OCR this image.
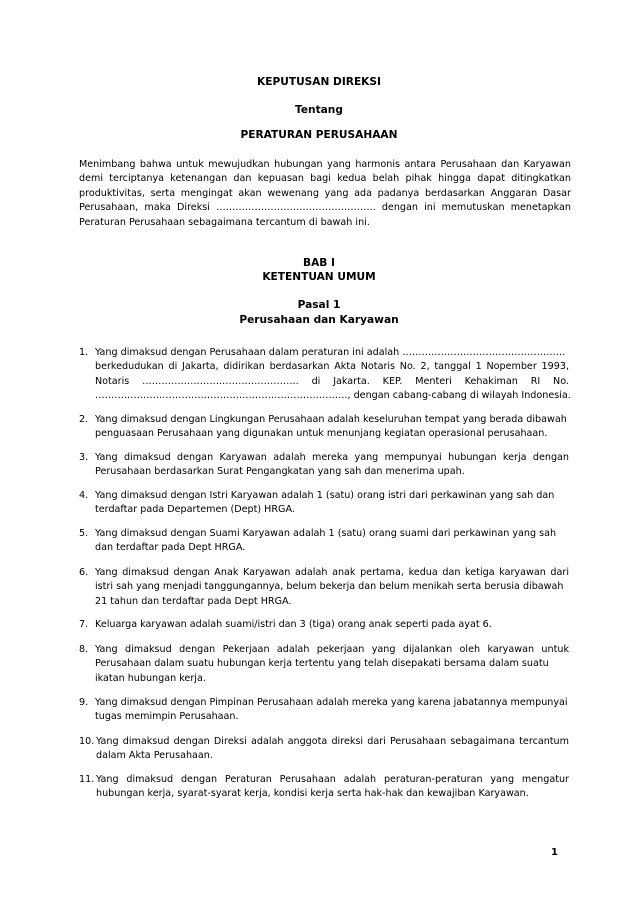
KEPUTUSAN DIREKSI
Tentang
PERATURAN PERUSAHAAN
Menimbang bahwa untuk mewujudkan hubungan yang harmonis antara Perusahaan dan Karyawan
demi terciptanya ketenangan dan kepuasan bagi kedua belah pihak hingga dapat ditingkatkan
produktivitas, serta mengingat akan wewenang yang ada padanya berdasarkan Anggaran Dasar
Perusahaan, maka Direksi ………………………………………….. dengan ini memutuskan menetapkan
Peraturan Perusahaan sebagaimana tercantum di bawah ini.
BAB I
KETENTUAN UMUM
Pasal 1
Perusahaan dan Karyawan
1. Yang dimaksud dengan Perusahaan dalam peraturan ini adalah ……………………………………………
berkedudukan di Jakarta, didirikan berdasarkan Akta Notaris No. 2, tanggal 1 Nopember 1993,
Notaris …………………………………………. di Jakarta. KEP. Menteri Kehakiman RI No.
……………………………………………………………………., dengan cabang-cabang di wilayah Indonesia.
2. Yang dimaksud dengan Lingkungan Perusahaan adalah keseluruhan tempat yang berada dibawah
penguasaan Perusahaan yang digunakan untuk menunjang kegiatan operasional perusahaan.
3. Yang dimaksud dengan Karyawan adalah mereka yang mempunyai hubungan kerja dengan
Perusahaan berdasarkan Surat Pengangkatan yang sah dan menerima upah.
4. Yang dimaksud dengan Istri Karyawan adalah 1 (satu) orang istri dari perkawinan yang sah dan
terdaftar pada Departemen (Dept) HRGA.
5. Yang dimaksud dengan Suami Karyawan adalah 1 (satu) orang suami dari perkawinan yang sah
dan terdaftar pada Dept HRGA.
6. Yang dimaksud dengan Anak Karyawan adalah anak pertama, kedua dan ketiga karyawan dari
istri sah yang menjadi tanggungannya, belum bekerja dan belum menikah serta berusia dibawah
21 tahun dan terdaftar pada Dept HRGA.
7. Keluarga karyawan adalah suami/istri dan 3 (tiga) orang anak seperti pada ayat 6.
8. Yang dimaksud dengan Pekerjaan adalah pekerjaan yang dijalankan oleh karyawan untuk
Perusahaan dalam suatu hubungan kerja tertentu yang telah disepakati bersama dalam suatu
ikatan hubungan kerja.
9. Yang dimaksud dengan Pimpinan Perusahaan adalah mereka yang karena jabatannya mempunyai
tugas memimpin Perusahaan.
10. Yang dimaksud dengan Direksi adalah anggota direksi dari Perusahaan sebagaimana tercantum
dalam Akta Perusahaan.
11. Yang dimaksud dengan Peraturan Perusahaan adalah peraturan-peraturan yang mengatur
hubungan kerja, syarat-syarat kerja, kondisi kerja serta hak-hak dan kewajiban Karyawan.
1
